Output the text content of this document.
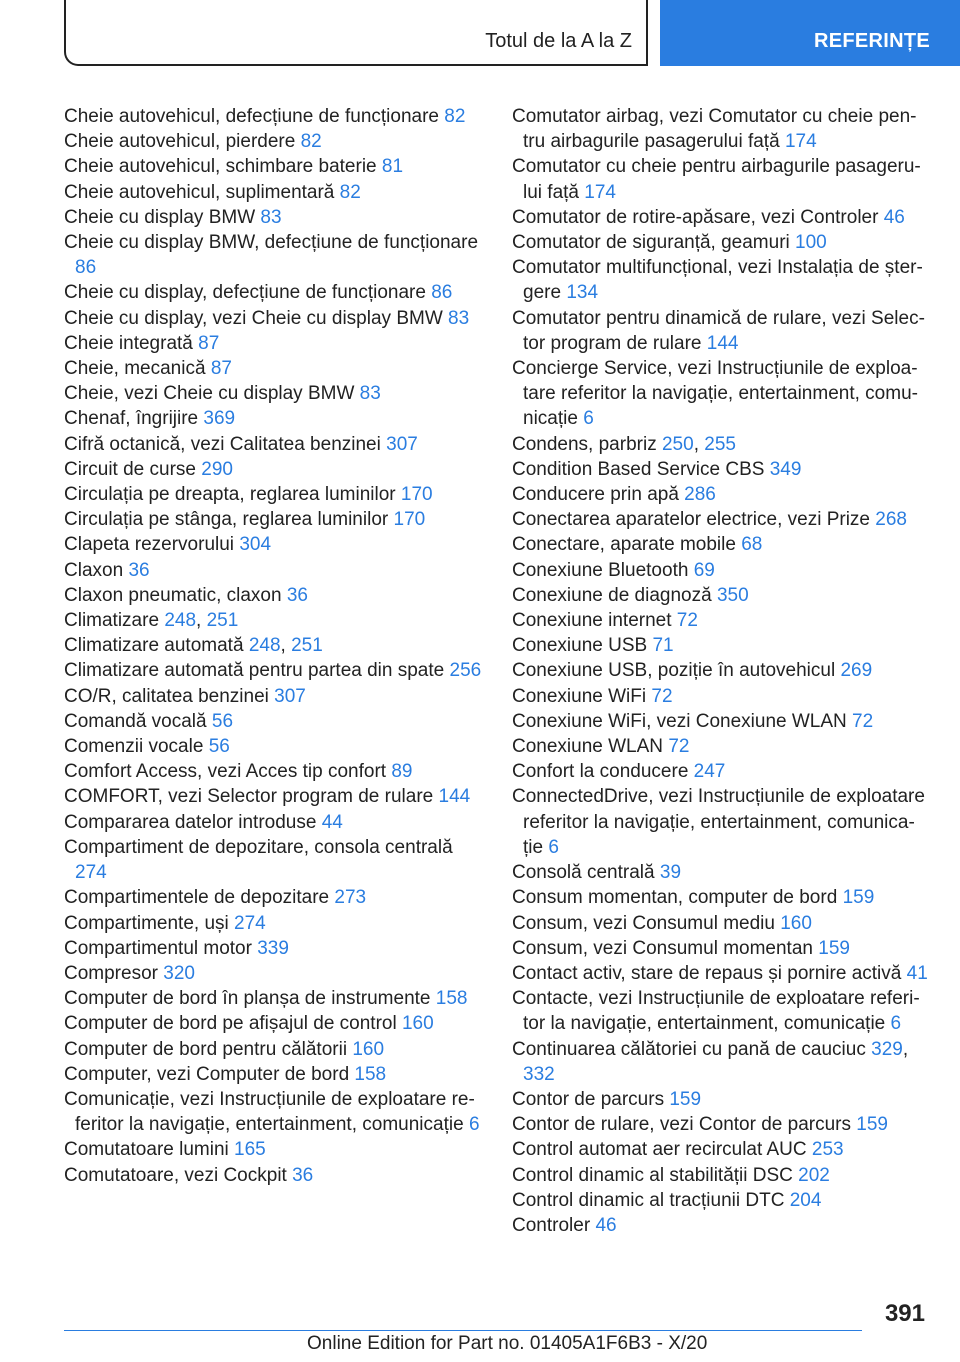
Totul de la A la Z	REFERINȚE
Cheie autovehicul, defecțiune de funcționare 82
Cheie autovehicul, pierdere 82
Cheie autovehicul, schimbare baterie 81
Cheie autovehicul, suplimentară 82
Cheie cu display BMW 83
Cheie cu display BMW, defecțiune de funcționare 86
Cheie cu display, defecțiune de funcționare 86
Cheie cu display, vezi Cheie cu display BMW 83
Cheie integrată 87
Cheie, mecanică 87
Cheie, vezi Cheie cu display BMW 83
Chenaf, îngrijire 369
Cifră octanică, vezi Calitatea benzinei 307
Circuit de curse 290
Circulația pe dreapta, reglarea luminilor 170
Circulația pe stânga, reglarea luminilor 170
Clapeta rezervorului 304
Claxon 36
Claxon pneumatic, claxon 36
Climatizare 248, 251
Climatizare automată 248, 251
Climatizare automată pentru partea din spate 256
CO/R, calitatea benzinei 307
Comandă vocală 56
Comenzii vocale 56
Comfort Access, vezi Acces tip confort 89
COMFORT, vezi Selector program de rulare 144
Compararea datelor introduse 44
Compartiment de depozitare, consola centrală 274
Compartimentele de depozitare 273
Compartimente, uși 274
Compartimentul motor 339
Compresor 320
Computer de bord în planșa de instrumente 158
Computer de bord pe afișajul de control 160
Computer de bord pentru călătorii 160
Computer, vezi Computer de bord 158
Comunicație, vezi Instrucțiunile de exploatare referitor la navigație, entertainment, comunicație 6
Comutatoare lumini 165
Comutatoare, vezi Cockpit 36
Comutator airbag, vezi Comutator cu cheie pentru airbagurile pasagerului față 174
Comutator cu cheie pentru airbagurile pasagerului față 174
Comutator de rotire-apăsare, vezi Controler 46
Comutator de siguranță, geamuri 100
Comutator multifuncțional, vezi Instalația de ștergere 134
Comutator pentru dinamică de rulare, vezi Selector program de rulare 144
Concierge Service, vezi Instrucțiunile de exploatare referitor la navigație, entertainment, comunicație 6
Condens, parbriz 250, 255
Condition Based Service CBS 349
Conducere prin apă 286
Conectarea aparatelor electrice, vezi Prize 268
Conectare, aparate mobile 68
Conexiune Bluetooth 69
Conexiune de diagnoză 350
Conexiune internet 72
Conexiune USB 71
Conexiune USB, poziție în autovehicul 269
Conexiune WiFi 72
Conexiune WiFi, vezi Conexiune WLAN 72
Conexiune WLAN 72
Confort la conducere 247
ConnectedDrive, vezi Instrucțiunile de exploatare referitor la navigație, entertainment, comunicație 6
Consolă centrală 39
Consum momentan, computer de bord 159
Consum, vezi Consumul mediu 160
Consum, vezi Consumul momentan 159
Contact activ, stare de repaus și pornire activă 41
Contacte, vezi Instrucțiunile de exploatare referitor la navigație, entertainment, comunicație 6
Continuarea călătoriei cu pană de cauciuc 329, 332
Contor de parcurs 159
Contor de rulare, vezi Contor de parcurs 159
Control automat aer recirculat AUC 253
Control dinamic al stabilității DSC 202
Control dinamic al tracțiunii DTC 204
Controler 46
391
Online Edition for Part no. 01405A1F6B3 - X/20
